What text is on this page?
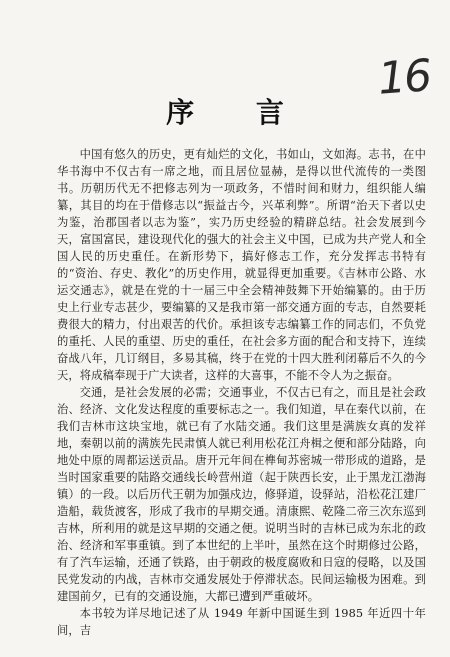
16
序 言

中国有悠久的历史，更有灿烂的文化，书如山，文如海。志书，在中华书海中不仅古有一席之地，而且居位显赫，是得以世代流传的一类图书。历朝历代无不把修志列为一项政务，不惜时间和财力，组织能人编纂，其目的均在于借修志以“振益古今，兴革利弊”。所谓“治天下者以史为鉴，治郡国者以志为鉴”，实乃历史经验的精辟总结。社会发展到今天，富国富民，建设现代化的强大的社会主义中国，已成为共产党人和全国人民的历史重任。在新形势下，搞好修志工作，充分发挥志书特有的“资治、存史、教化”的历史作用，就显得更加重要。《吉林市公路、水运交通志》，就是在党的十一届三中全会精神鼓舞下开始编纂的。由于历史上行业专志甚少，要编纂的又是我市第一部交通方面的专志，自然要耗费很大的精力，付出艰苦的代价。承担该专志编纂工作的同志们，不负党的重托、人民的重望、历史的重任，在社会多方面的配合和支持下，连续奋战八年，几订纲目，多易其稿，终于在党的十四大胜利闭幕后不久的今天，将成稿奉现于广大读者，这样的大喜事，不能不令人为之振奋。

交通，是社会发展的必需；交通事业，不仅古已有之，而且是社会政治、经济、文化发达程度的重要标志之一。我们知道，早在秦代以前，在我们吉林市这块宝地，就已有了水陆交通。我们这里是满族女真的发祥地，秦朝以前的满族先民肃慎人就已利用松花江舟楫之便和部分陆路，向地处中原的周都运送贡品。唐开元年间在榫甸苏密城一带形成的道路，是当时国家重要的陆路交通线长岭营州道（起于陕西长安，止于黑龙江渤海镇）的一段。以后历代王朝为加强戍边，修驿道，设驿站，沿松花江建厂造船，载货渡客，形成了我市的早期交通。清康熙、乾隆二帝三次东巡到吉林，所利用的就是这早期的交通之便。说明当时的吉林已成为东北的政治、经济和军事重镇。到了本世纪的上半叶，虽然在这个时期修过公路，有了汽车运输，还通了铁路，由于朝政的极度腐败和日寇的侵略，以及国民党发动的内战，吉林市交通发展处于停滞状态。民间运输极为困难。到建国前夕，已有的交通设施，大都已遭到严重破坏。

本书较为详尽地记述了从 1949 年新中国诞生到 1985 年近四十年间，吉
